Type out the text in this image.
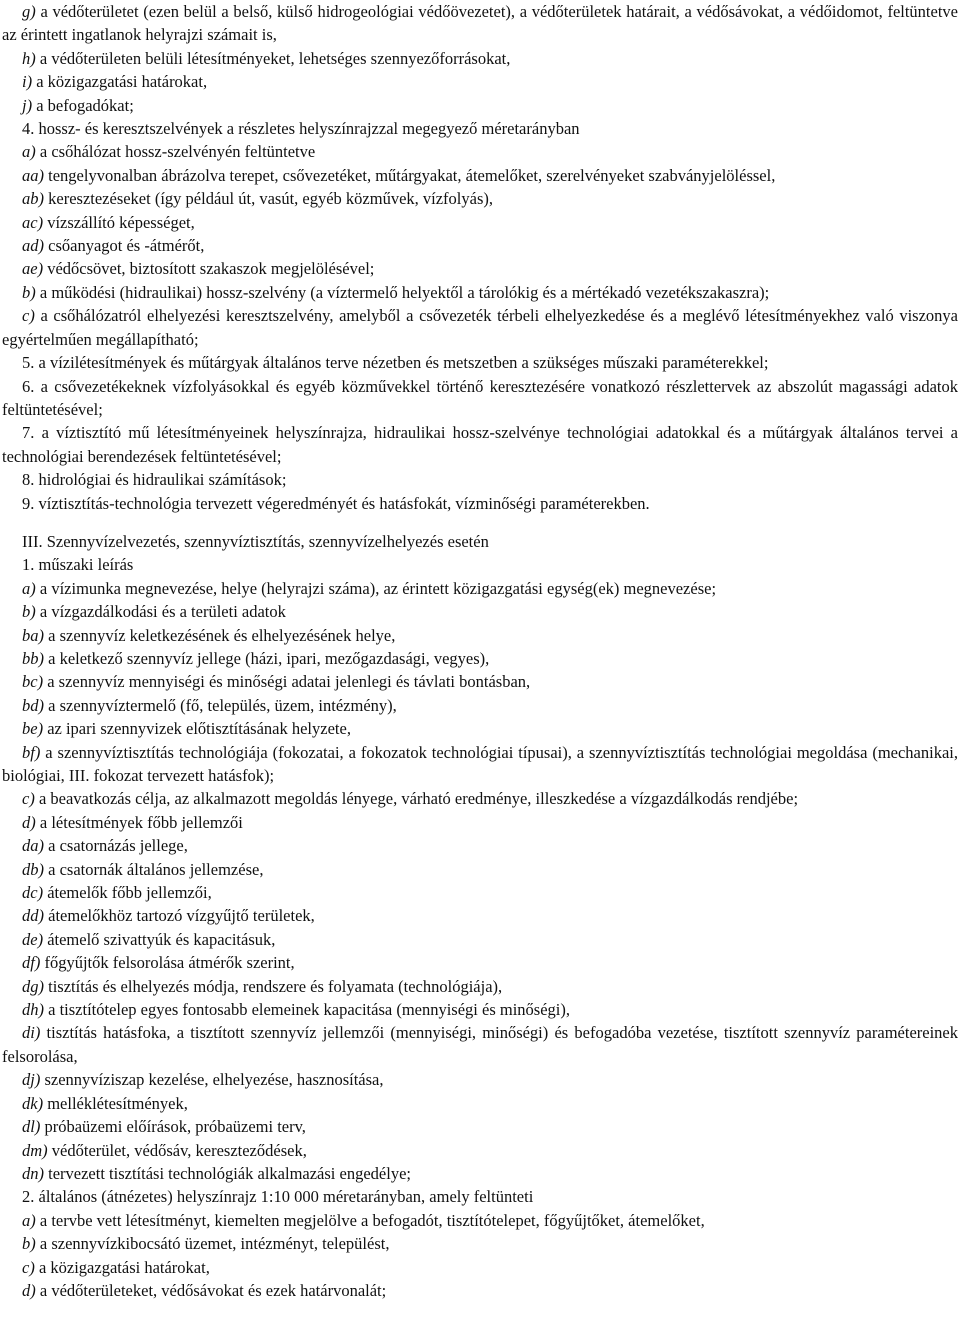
g) a védőterületet (ezen belül a belső, külső hidrogeológiai védőövezetet), a védőterületek határait, a védősávokat, a védőidomot, feltüntetve az érintett ingatlanok helyrajzi számait is,

h) a védőterületen belüli létesítményeket, lehetséges szennyezőforrásokat,

i) a közigazgatási határokat,

j) a befogadókat;

4. hossz- és keresztszelvények a részletes helyszínrajzzal megegyező méretarányban

a) a csőhálózat hossz-szelvényén feltüntetve

aa) tengelyvonalban ábrázolva terepet, csővezetéket, műtárgyakat, átemelőket, szerelvényeket szabványjelöléssel,

ab) keresztezéseket (így például út, vasút, egyéb közművek, vízfolyás),

ac) vízszállító képességet,

ad) csőanyagot és -átmérőt,

ae) védőcsövet, biztosított szakaszok megjelölésével;

b) a működési (hidraulikai) hossz-szelvény (a víztermelő helyektől a tárolókig és a mértékadó vezetékszakaszra);

c) a csőhálózatról elhelyezési keresztszelvény, amelyből a csővezeték térbeli elhelyezkedése és a meglévő létesítményekhez való viszonya egyértelműen megállapítható;

5. a vízilétesítmények és műtárgyak általános terve nézetben és metszetben a szükséges műszaki paraméterekkel;

6. a csővezetékeknek vízfolyásokkal és egyéb közművekkel történő keresztezésére vonatkozó részlettervek az abszolút magassági adatok feltüntetésével;

7. a víztisztító mű létesítményeinek helyszínrajza, hidraulikai hossz-szelvénye technológiai adatokkal és a műtárgyak általános tervei a technológiai berendezések feltüntetésével;

8. hidrológiai és hidraulikai számítások;

9. víztisztítás-technológia tervezett végeredményét és hatásfokát, vízminőségi paraméterekben.

III. Szennyvízelvezetés, szennyvíztisztítás, szennyvízelhelyezés esetén

1. műszaki leírás

a) a vízimunka megnevezése, helye (helyrajzi száma), az érintett közigazgatási egység(ek) megnevezése;

b) a vízgazdálkodási és a területi adatok

ba) a szennyvíz keletkezésének és elhelyezésének helye,

bb) a keletkező szennyvíz jellege (házi, ipari, mezőgazdasági, vegyes),

bc) a szennyvíz mennyiségi és minőségi adatai jelenlegi és távlati bontásban,

bd) a szennyvíztermelő (fő, település, üzem, intézmény),

be) az ipari szennyvizek előtisztításának helyzete,

bf) a szennyvíztisztítás technológiája (fokozatai, a fokozatok technológiai típusai), a szennyvíztisztítás technológiai megoldása (mechanikai, biológiai, III. fokozat tervezett hatásfok);

c) a beavatkozás célja, az alkalmazott megoldás lényege, várható eredménye, illeszkedése a vízgazdálkodás rendjébe;

d) a létesítmények főbb jellemzői

da) a csatornázás jellege,

db) a csatornák általános jellemzése,

dc) átemelők főbb jellemzői,

dd) átemelőkhöz tartozó vízgyűjtő területek,

de) átemelő szivattyúk és kapacitásuk,

df) főgyűjtők felsorolása átmérők szerint,

dg) tisztítás és elhelyezés módja, rendszere és folyamata (technológiája),

dh) a tisztítótelep egyes fontosabb elemeinek kapacitása (mennyiségi és minőségi),

di) tisztítás hatásfoka, a tisztított szennyvíz jellemzői (mennyiségi, minőségi) és befogadóba vezetése, tisztított szennyvíz paramétereinek felsorolása,

dj) szennyvíziszap kezelése, elhelyezése, hasznosítása,

dk) melléklétesítmények,

dl) próbaüzemi előírások, próbaüzemi terv,

dm) védőterület, védősáv, kereszteződések,

dn) tervezett tisztítási technológiák alkalmazási engedélye;

2. általános (átnézetes) helyszínrajz 1:10 000 méretarányban, amely feltünteti

a) a tervbe vett létesítményt, kiemelten megjelölve a befogadót, tisztítótelepet, főgyűjtőket, átemelőket,

b) a szennyvízkibocsátó üzemet, intézményt, települést,

c) a közigazgatási határokat,

d) a védőterületeket, védősávokat és ezek határvonalát;
